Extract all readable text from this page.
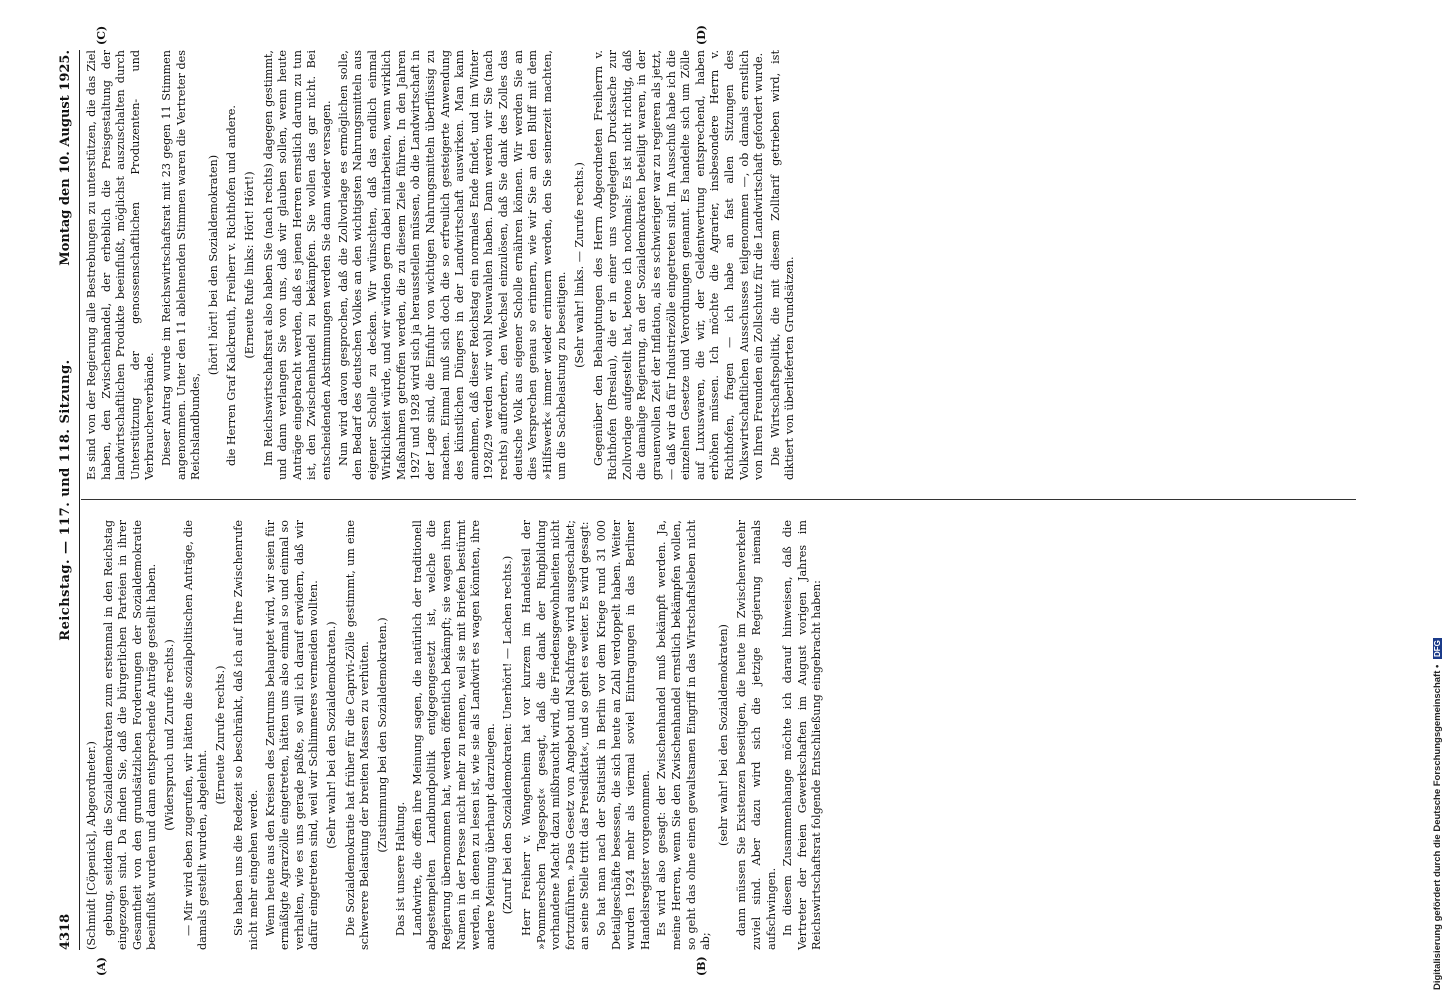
4318
Reichstag. — 117. und 118. Sitzung.
Montag den 10. August 1925.
(A)	(B)
(C)	(D)

(Schmidt [Cöpenick], Abgeordneter.) gebung, seitdem die Sozialdemokraten zum erstenmal in den Reichstag eingezogen sind. Da finden Sie, daß die bürgerlichen Parteien in ihrer Gesamtheit von den grundsätzlichen Forderungen der Sozialdemokratie beeinflußt wurden und dann entsprechende Anträge gestellt haben. (Widerspruch und Zurufe rechts.) — Mir wird eben zugerufen, wir hätten die sozialpolitischen Anträge, die damals gestellt wurden, abgelehnt.

(Erneute Zurufe rechts.) Sie haben uns die Redezeit so beschränkt, daß ich auf Ihre Zwischenrufe nicht mehr eingehen werde. Wenn heute aus den Kreisen des Zentrums behauptet wird, wir seien für ermäßigte Agrarzölle eingetreten, hätten uns also einmal so und einmal so verhalten, wie es uns gerade paßte, so will ich darauf erwidern, daß wir dafür eingetreten sind, weil wir Schlimmeres vermeiden wollten. (Sehr wahr! bei den Sozialdemokraten.) Die Sozialdemokratie hat früher für die Caprivi-Zölle gestimmt, um eine schwerere Belastung der breiten Massen zu verhüten. (Zustimmung bei den Sozialdemokraten.)

Das ist unsere Haltung. Landwirte, die offen ihre Meinung sagen, die natürlich der traditionell abgestempelten Landbundpolitik entgegengesetzt ist, welche die Regierung übernommen hat, werden öffentlich bekämpft; sie wagen ihren Namen in der Presse nicht mehr zu nennen, weil sie mit Briefen bestürmt werden, in denen zu lesen ist, wie sie als Landwirt es wagen könnten, ihre andere Meinung überhaupt darzulegen. (Zuruf bei den Sozialdemokraten: Unerhört! — Lachen rechts.) Herr Freiherr v. Wangenheim hat vor kurzem im Handelsteil der »Pommerschen Tagespost« gesagt, daß die dank der Ringbildung vorhandene Macht dazu mißbraucht wird, die Friedensgewohnheiten nicht fortzuführen. »Das Gesetz von Angebot und Nachfrage wird ausgeschaltet; an seine Stelle tritt das Preisdiktat«, und so geht es weiter. Es wird gesagt: So hat man nach der Statistik in Berlin vor dem Kriege rund 31 000 Detailgeschäfte besessen, die sich heute an Zahl verdoppelt haben. Weiter wurden 1924 mehr als viermal soviel Eintragungen in das Berliner Handelsregister vorgenommen. Es wird also gesagt: der Zwischenhandel muß bekämpft werden. Ja, meine Herren, wenn Sie den Zwischenhandel ernstlich bekämpfen wollen, so geht das ohne einen gewaltsamen Eingriff in das Wirtschaftsleben nicht ab;

(sehr wahr! bei den Sozialdemokraten) dann müssen Sie Existenzen beseitigen, die heute im Zwischenverkehr zuviel sind. Aber dazu wird sich die jetzige Regierung niemals aufschwingen. In diesem Zusammenhange möchte ich darauf hinweisen, daß die Vertreter der freien Gewerkschaften im August vorigen Jahres im Reichswirtschaftsrat folgende Entschließung eingebracht haben:

Es sind von der Regierung alle Bestrebungen zu unterstützen, die das Ziel haben, den Zwischenhandel, der erheblich die Preisgestaltung der landwirtschaftlichen Produkte beeinflußt, möglichst auszuschalten durch Unterstützung der genossenschaftlichen Produzenten- und Verbraucherverbände. Dieser Antrag wurde im Reichswirtschaftsrat mit 23 gegen 11 Stimmen angenommen. Unter den 11 ablehnenden Stimmen waren die Vertreter des Reichslandbundes,

(hört! hört! bei den Sozialdemokraten) die Herren Graf Kalckreuth, Freiherr v. Richthofen und andere. (Erneute Rufe links: Hört! Hört!) Im Reichswirtschaftsrat also haben Sie (nach rechts) dagegen gestimmt, und dann verlangen Sie von uns, daß wir glauben sollen, wenn heute Anträge eingebracht werden, daß es jenen Herren ernstlich darum zu tun ist, den Zwischenhandel zu bekämpfen. Sie wollen das gar nicht. Bei entscheidenden Abstimmungen werden Sie dann wieder versagen. Nun wird davon gesprochen, daß die Zollvorlage es ermöglichen solle, den Bedarf des deutschen Volkes an den wichtigsten Nahrungsmitteln aus eigener Scholle zu decken. Wir wünschten, daß das endlich einmal Wirklichkeit würde, und wir würden gern dabei mitarbeiten, wenn wirklich Maßnahmen getroffen werden, die zu diesem Ziele führen. In den Jahren 1927 und 1928 wird sich ja herausstellen müssen, ob die Landwirtschaft in der Lage sind, die Einfuhr von wichtigen Nahrungsmitteln überflüssig zu machen. Einmal muß sich doch die so erfreulich gesteigerte Anwendung des künstlichen Düngers in der Landwirtschaft auswirken. Man kann annehmen, daß dieser Reichstag ein normales Ende findet, und im Winter 1928/29 werden wir wohl Neuwahlen haben. Dann werden wir Sie (nach rechts) auffordern, den Wechsel einzulösen, daß Sie dank des Zolles das deutsche Volk aus eigener Scholle ernähren können. Wir werden Sie an dies Versprechen genau so erinnern, wie wir Sie an den Bluff mit dem »Hilfswerk« immer wieder erinnern werden, den Sie seinerzeit machten, um die Sachbelastung zu beseitigen.

(Sehr wahr! links. — Zurufe rechts.) Gegenüber den Behauptungen des Herrn Abgeordneten Freiherrn v. Richthofen (Breslau), die er in einer uns vorgelegten Drucksache zur Zollvorlage aufgestellt hat, betone ich nochmals: Es ist nicht richtig, daß die damalige Regierung, an der Sozialdemokraten beteiligt waren, in der grauenvollen Zeit der Inflation, als es schwieriger war zu regieren als jetzt, — daß wir da für Industriezölle eingetreten sind. Im Ausschuß habe ich die einzelnen Gesetze und Verordnungen genannt. Es handelte sich um Zölle auf Luxuswaren, die wir, der Geldentwertung entsprechend, haben erhöhen müssen. Ich möchte die Agrarier, insbesondere Herrn v. Richthofen, fragen — ich habe an fast allen Sitzungen des Volkswirtschaftlichen Ausschusses teilgenommen —, ob damals ernstlich von Ihren Freunden ein Zollschutz für die Landwirtschaft gefordert wurde. Die Wirtschaftspolitik, die mit diesem Zolltarif getrieben wird, ist diktiert von überlieferten Grundsätzen.

Digitalisierung gefördert durch die Deutsche Forschungsgemeinschaft • DFG
